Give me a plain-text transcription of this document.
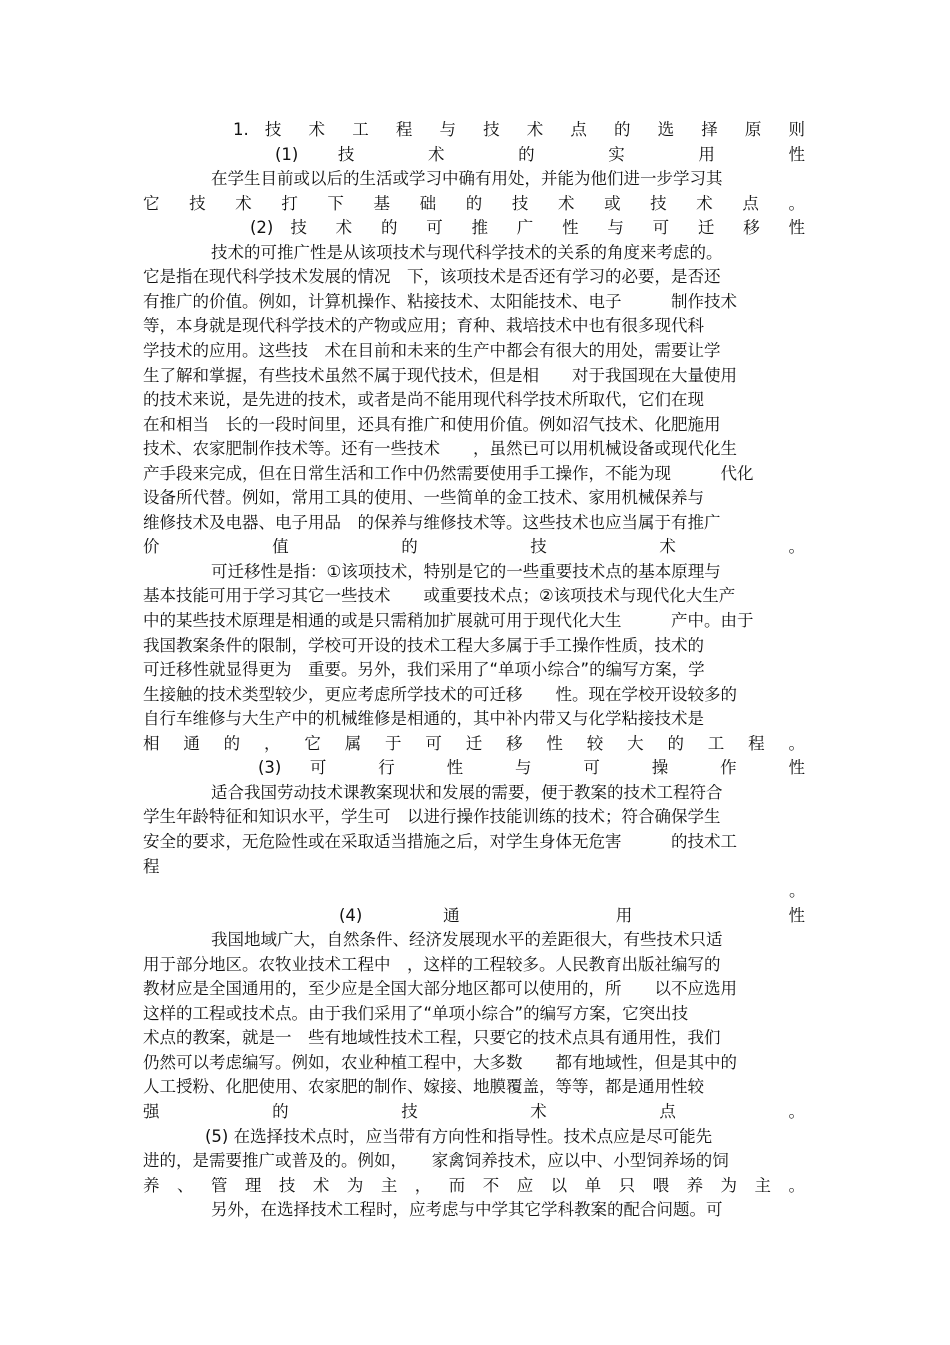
1. 技 术 工 程 与 技 术 点 的 选 择 原 则
(1) 技 术 的 实 用 性
在学生目前或以后的生活或学习中确有用处，并能为他们进一步学习其
它 技 术 打 下 基 础 的 技 术 或 技 术 点 。
(2) 技 术 的 可 推 广 性 与 可 迁 移 性
技术的可推广性是从该项技术与现代科学技术的关系的角度来考虑的。
它是指在现代科学技术发展的情况　下，该项技术是否还有学习的必要，是否还
有推广的价值。例如，计算机操作、粘接技术、太阳能技术、电子　　　制作技术
等，本身就是现代科学技术的产物或应用；育种、栽培技术中也有很多现代科
学技术的应用。这些技　术在目前和未来的生产中都会有很大的用处，需要让学
生了解和掌握，有些技术虽然不属于现代技术，但是相　　对于我国现在大量使用
的技术来说，是先进的技术，或者是尚不能用现代科学技术所取代，它们在现
在和相当　长的一段时间里，还具有推广和使用价值。例如沼气技术、化肥施用
技术、农家肥制作技术等。还有一些技术　　，虽然已可以用机械设备或现代化生
产手段来完成，但在日常生活和工作中仍然需要使用手工操作，不能为现　　　代化
设备所代替。例如，常用工具的使用、一些简单的金工技术、家用机械保养与
维修技术及电器、电子用品　的保养与维修技术等。这些技术也应当属于有推广
价 值 的 技 术 。
可迁移性是指：①该项技术，特别是它的一些重要技术点的基本原理与
基本技能可用于学习其它一些技术　　或重要技术点；②该项技术与现代化大生产
中的某些技术原理是相通的或是只需稍加扩展就可用于现代化大生　　　产中。由于
我国教案条件的限制，学校可开设的技术工程大多属于手工操作性质，技术的
可迁移性就显得更为　重要。另外，我们采用了“单项小综合”的编写方案，学
生接触的技术类型较少，更应考虑所学技术的可迁移　　性。现在学校开设较多的
自行车维修与大生产中的机械维修是相通的，其中补内带又与化学粘接技术是
相 通 的 ， 它 属 于 可 迁 移 性 较 大 的 工 程 。
(3) 可 行 性 与 可 操 作 性
适合我国劳动技术课教案现状和发展的需要，便于教案的技术工程符合
学生年龄特征和知识水平，学生可　以进行操作技能训练的技术；符合确保学生
安全的要求，无危险性或在采取适当措施之后，对学生身体无危害　　　的技术工
程
。
(4) 通 用 性
我国地域广大，自然条件、经济发展现水平的差距很大，有些技术只适
用于部分地区。农牧业技术工程中　，这样的工程较多。人民教育出版社编写的
教材应是全国通用的，至少应是全国大部分地区都可以使用的，所　　以不应选用
这样的工程或技术点。由于我们采用了“单项小综合”的编写方案，它突出技
术点的教案，就是一　些有地域性技术工程，只要它的技术点具有通用性，我们
仍然可以考虑编写。例如，农业种植工程中，大多数　　都有地域性，但是其中的
人工授粉、化肥使用、农家肥的制作、嫁接、地膜覆盖，等等，都是通用性较
强 的 技 术 点 。
(5) 在选择技术点时，应当带有方向性和指导性。技术点应是尽可能先
进的，是需要推广或普及的。例如，　　家禽饲养技术，应以中、小型饲养场的饲
养 、 管 理 技 术 为 主 ， 而 不 应 以 单 只 喂 养 为 主 。
另外，在选择技术工程时，应考虑与中学其它学科教案的配合问题。可
